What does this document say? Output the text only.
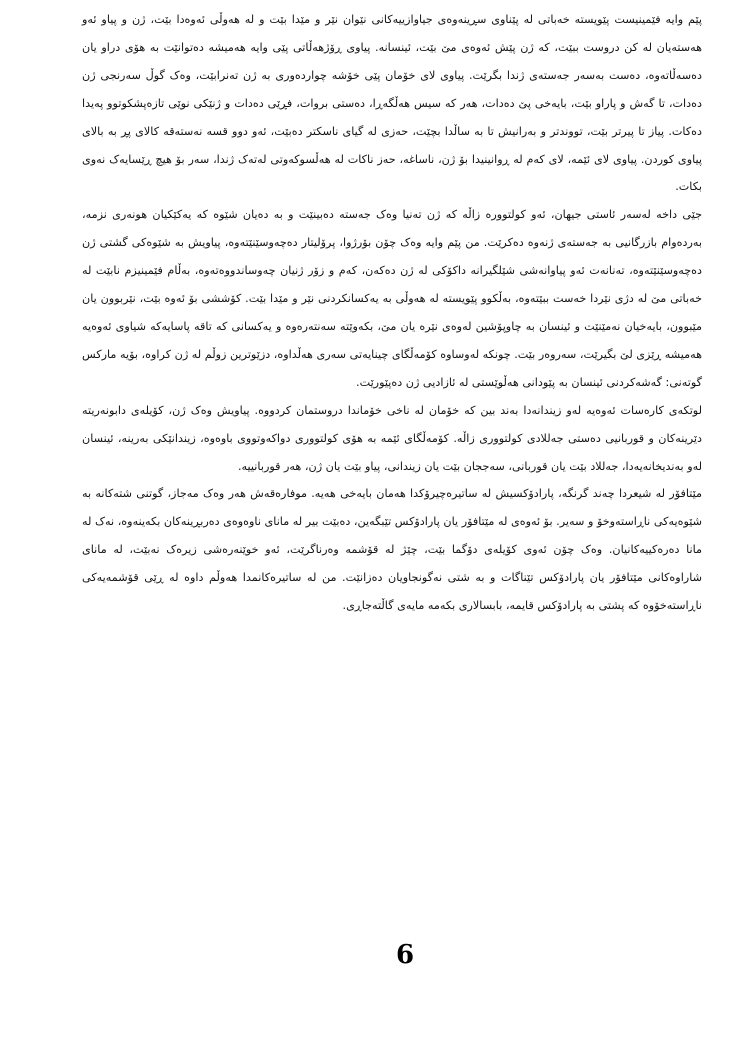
پێم وایە فێمینیست پێویستە خەباتی لە پێناوی سڕینەوەی جیاوازییەکانی نێوان نێر و مێدا بێت و لە هەوڵی ئەوەدا بێت، ژن و پیاو ئەو هەستەیان لە کن دروست ببێت، کە ژن پێش ئەوەی مێ بێت، ئینسانە. پیاوی ڕۆژهەڵاتی پێی وایە هەمیشە دەتوانێت بە هۆی دراو یان دەسەڵاتەوە، دەست بەسەر جەستەی ژندا بگرێت. پیاوی لای خۆمان پێی خۆشە چواردەوری بە ژن تەنرابێت، وەک گوڵ سەرنجی ژن دەدات، تا گەش و پاراو بێت، بایەخی پێ دەدات، هەر کە سیس هەڵگەڕا، دەستی بروات، فڕێی دەدات و ژنێکی نوێی تازەپشکوتوو پەیدا دەکات. پیاز تا پیرتر بێت، تووندتر و بەرانیش تا بە ساڵدا بچێت، حەزی لە گیای ناسکتر دەبێت، ئەو دوو قسە نەستەقە کالای پڕ بە بالای پیاوی کوردن. پیاوی لای ئێمە، لای کەم لە ڕوانینیدا بۆ ژن، ناساغە، حەز ناکات لە هەڵسوکەوتی لەتەک ژندا، سەر بۆ هیچ ڕێسایەک نەوی بکات.

جێی داخە لەسەر ئاستی جیهان، ئەو کولتوورە زاڵە کە ژن تەنیا وەک جەستە دەبینێت و بە دەیان شێوە کە یەکێکیان هونەری نزمە، بەردەوام بازرگانیی بە جەستەی ژنەوە دەکرێت. من پێم وایە وەک چۆن بۆرژوا، پرۆلیتار دەچەوسێنێتەوە، پیاویش بە شێوەکی گشتی ژن دەچەوسێنێتەوە، تەنانەت ئەو پیاوانەشی شێلگیرانە داکۆکی لە ژن دەکەن، کەم و زۆر ژنیان چەوساندووەتەوە، بەڵام فێمینیزم نابێت لە خەباتی مێ لە دژی نێردا خەست ببێتەوە، بەڵکوو پێویستە لە هەوڵی بە یەکسانکردنی نێر و مێدا بێت. کۆششی بۆ ئەوە بێت، نێربوون یان مێبوون، بایەخیان نەمێنێت و ئینسان بە چاوپۆشین لەوەی نێرە یان مێ، بکەوێتە سەنتەرەوە و یەکسانی کە تاقە پاسایەکە شیاوی ئەوەیە هەمیشە ڕێزی لێ بگیرێت، سەروەر بێت. چونکە لەوساوە کۆمەڵگای چینایەتی سەری هەڵداوە، دزێوترین زوڵم لە ژن کراوە، بۆیە مارکس گوتەنی: گەشەکردنی ئینسان بە پێودانی هەڵوێستی لە ئازادیی ژن دەپێورێت.

لوتکەی کارەسات ئەوەیە لەو زیندانەدا بەند بین کە خۆمان لە ناخی خۆماندا دروستمان کردووە. پیاویش وەک ژن، کۆیلەی دابونەریتە دێرینەکان و قوربانیی دەستی جەللادی کولتووری زاڵە. کۆمەڵگای ئێمە بە هۆی کولتووری دواکەوتووی باوەوە، زیندانێکی بەرینە، ئینسان لەو بەندیخانەیەدا، جەللاد بێت یان قوربانی، سەججان بێت یان زیندانی، پیاو بێت یان ژن، هەر قوربانییە.

مێتافۆر لە شیعردا چەند گرنگە، پارادۆکسیش لە ساتیرەچیرۆکدا هەمان بایەخی هەیە. موفارەقەش هەر وەک مەجاز، گوتنی شتەکانە بە شێوەیەکی ناڕاستەوخۆ و سەیر. بۆ ئەوەی لە مێتافۆر یان پارادۆکس تێبگەین، دەبێت بیر لە مانای ناوەوەی دەربڕینەکان بکەینەوە، نەک لە مانا دەرەکییەکانیان. وەک چۆن ئەوی کۆیلەی دۆگما بێت، چێژ لە قۆشمە وەرناگرێت، ئەو خوێنەرەشی زیرەک نەبێت، لە مانای شاراوەکانی مێتافۆر یان پارادۆکس تێناگات و بە شتی نەگونجاویان دەزانێت. من لە ساتیرەکانمدا هەوڵم داوە لە ڕێی قۆشمەیەکی ناڕاستەخۆوە کە پشتی بە پارادۆکس قایمە، بابسالاری بکەمە مایەی گاڵتەجاڕی.

6
